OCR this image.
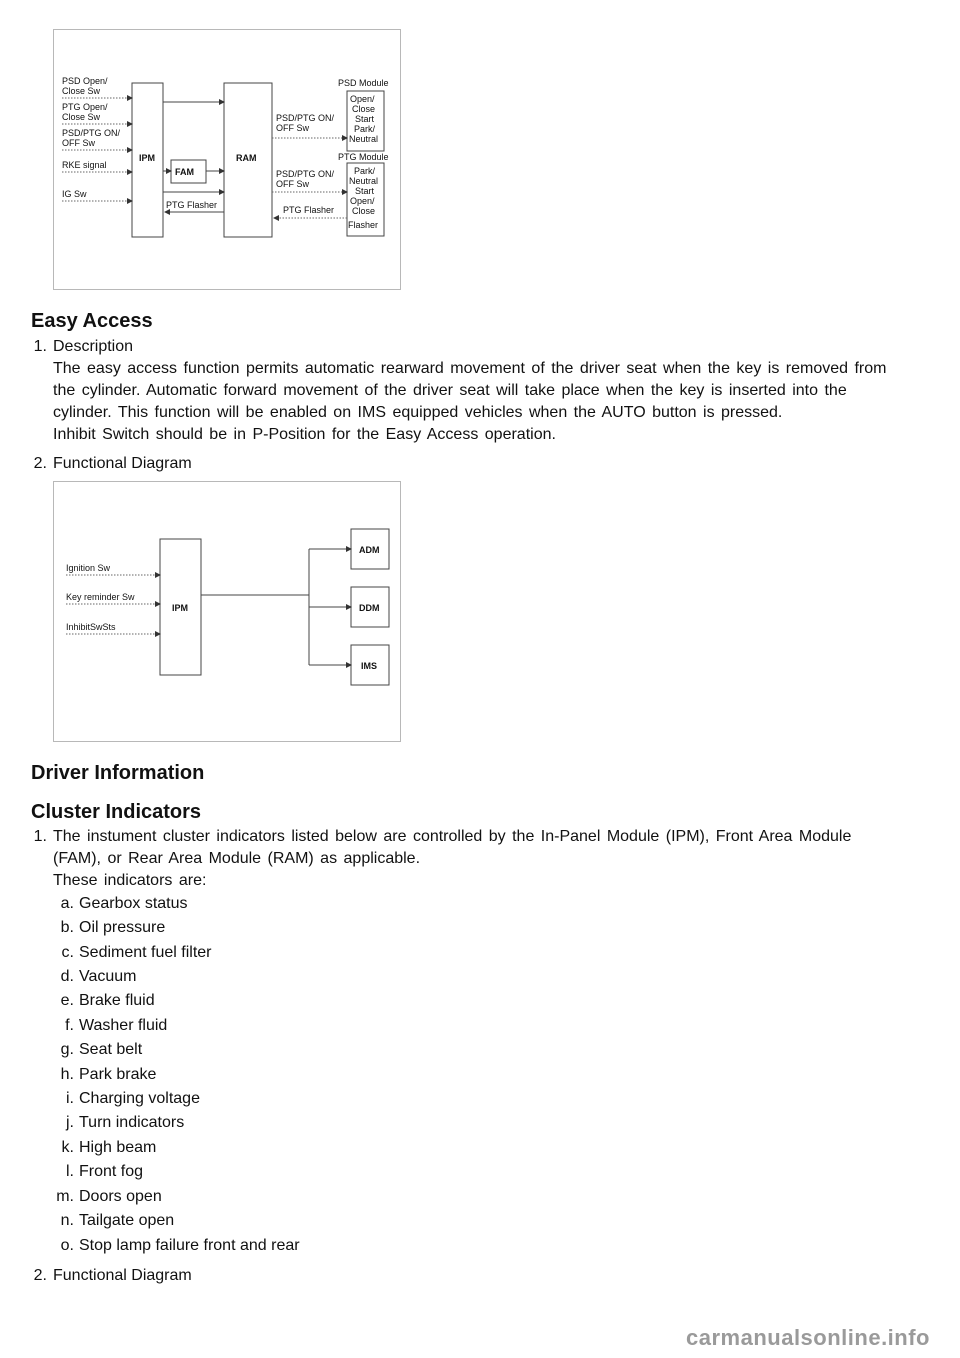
PSD Open/
Close Sw
PTG Open/
Close Sw
PSD/PTG ON/
OFF Sw
RKE signal
IG Sw
IPM
FAM
RAM
PTG Flasher
PSD/PTG ON/
OFF Sw
PSD/PTG ON/
OFF Sw
PTG Flasher
PSD Module
Open/
Close
Start
Park/
Neutral
PTG Module
Park/
Neutral
Start
Open/
Close
Flasher
Easy Access
1. Description
The easy access function permits automatic rearward movement of the driver seat when the key is removed from
the cylinder. Automatic forward movement of the driver seat will take place when the key is inserted into the
cylinder. This function will be enabled on IMS equipped vehicles when the AUTO button is pressed.
Inhibit Switch should be in P-Position for the Easy Access operation.
2. Functional Diagram
Ignition Sw
Key reminder Sw
InhibitSwSts
IPM
ADM
DDM
IMS
Driver Information
Cluster Indicators
1. The instument cluster indicators listed below are controlled by the In-Panel Module (IPM), Front Area Module
(FAM), or Rear Area Module (RAM) as applicable.
These indicators are:
a. Gearbox status
b. Oil pressure
c. Sediment fuel filter
d. Vacuum
e. Brake fluid
f. Washer fluid
g. Seat belt
h. Park brake
i. Charging voltage
j. Turn indicators
k. High beam
l. Front fog
m. Doors open
n. Tailgate open
o. Stop lamp failure front and rear
2. Functional Diagram
carmanualsonline.info
